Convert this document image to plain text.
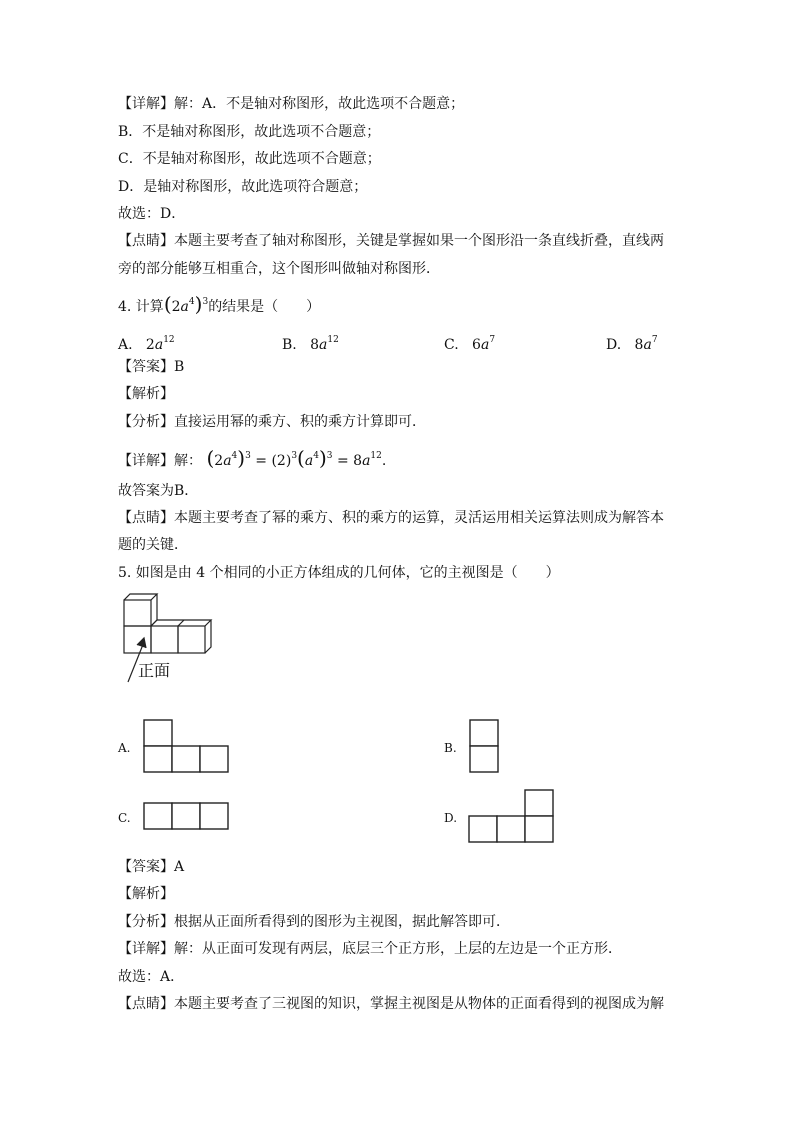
【详解】解：A．不是轴对称图形，故此选项不合题意；
B．不是轴对称图形，故此选项不合题意；
C．不是轴对称图形，故此选项不合题意；
D．是轴对称图形，故此选项符合题意；
故选：D．
【点睛】本题主要考查了轴对称图形，关键是掌握如果一个图形沿一条直线折叠，直线两
旁的部分能够互相重合，这个图形叫做轴对称图形．
4. 计算$(2a^4)^3$的结果是（　　）
A. $2a^{12}$	B. $8a^{12}$	C. $6a^7$	D. $8a^7$
【答案】B
【解析】
【分析】直接运用幂的乘方、积的乘方计算即可．
【详解】解： $(2a^4)^3 = (2)^3(a^4)^3 = 8a^{12}$.
故答案为B．
【点睛】本题主要考查了幂的乘方、积的乘方的运算，灵活运用相关运算法则成为解答本
题的关键．
5. 如图是由 4 个相同的小正方体组成的几何体，它的主视图是（　　）
正面
A.	B.
C.	D.
【答案】A
【解析】
【分析】根据从正面所看得到的图形为主视图，据此解答即可．
【详解】解：从正面可发现有两层，底层三个正方形，上层的左边是一个正方形．
故选：A．
【点睛】本题主要考查了三视图的知识，掌握主视图是从物体的正面看得到的视图成为解
